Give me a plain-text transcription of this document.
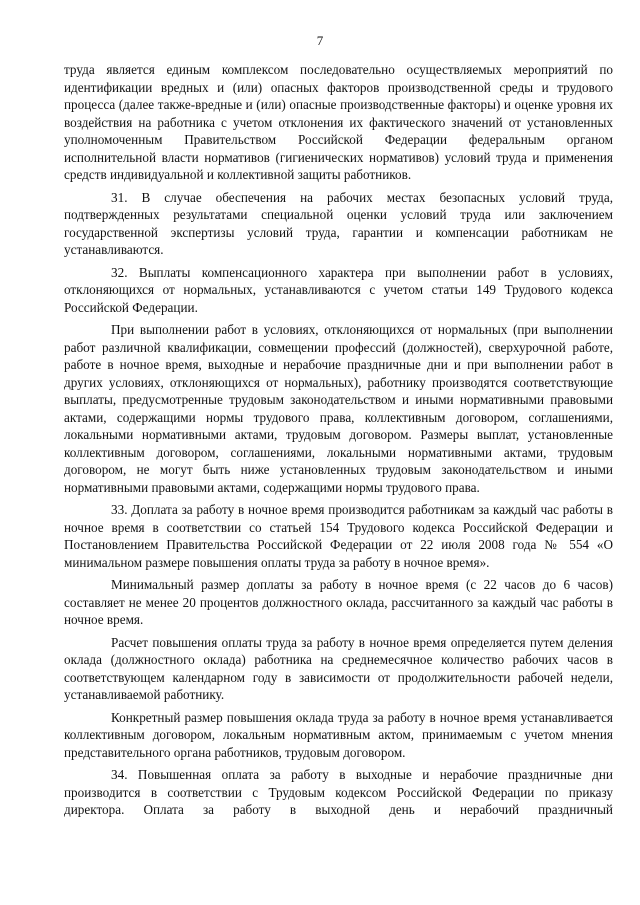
7

труда является единым комплексом последовательно осуществляемых мероприятий по идентификации вредных и (или) опасных факторов производственной среды и трудового процесса (далее также-вредные и (или) опасные производственные факторы) и оценке уровня их воздействия на работника с учетом отклонения их фактического значений от установленных уполномоченным Правительством Российской Федерации федеральным органом исполнительной власти нормативов (гигиенических нормативов) условий труда и применения средств индивидуальной и коллективной защиты работников.

31. В случае обеспечения на рабочих местах безопасных условий труда, подтвержденных результатами специальной оценки условий труда или заключением государственной экспертизы условий труда, гарантии и компенсации работникам не устанавливаются.

32. Выплаты компенсационного характера при выполнении работ в условиях, отклоняющихся от нормальных, устанавливаются с учетом статьи 149 Трудового кодекса Российской Федерации.

При выполнении работ в условиях, отклоняющихся от нормальных (при выполнении работ различной квалификации, совмещении профессий (должностей), сверхурочной работе, работе в ночное время, выходные и нерабочие праздничные дни и при выполнении работ в других условиях, отклоняющихся от нормальных), работнику производятся соответствующие выплаты, предусмотренные трудовым законодательством и иными нормативными правовыми актами, содержащими нормы трудового права, коллективным договором, соглашениями, локальными нормативными актами, трудовым договором. Размеры выплат, установленные коллективным договором, соглашениями, локальными нормативными актами, трудовым договором, не могут быть ниже установленных трудовым законодательством и иными нормативными правовыми актами, содержащими нормы трудового права.

33. Доплата за работу в ночное время производится работникам за каждый час работы в ночное время в соответствии со статьей 154 Трудового кодекса Российской Федерации и Постановлением Правительства Российской Федерации от 22 июля 2008 года № 554 «О минимальном размере повышения оплаты труда за работу в ночное время».

Минимальный размер доплаты за работу в ночное время (с 22 часов до 6 часов) составляет не менее 20 процентов должностного оклада, рассчитанного за каждый час работы в ночное время.

Расчет повышения оплаты труда за работу в ночное время определяется путем деления оклада (должностного оклада) работника на среднемесячное количество рабочих часов в соответствующем календарном году в зависимости от продолжительности рабочей недели, устанавливаемой работнику.

Конкретный размер повышения оклада труда за работу в ночное время устанавливается коллективным договором, локальным нормативным актом, принимаемым с учетом мнения представительного органа работников, трудовым договором.

34. Повышенная оплата за работу в выходные и нерабочие праздничные дни производится в соответствии с Трудовым кодексом Российской Федерации по приказу директора. Оплата за работу в выходной день и нерабочий праздничный
